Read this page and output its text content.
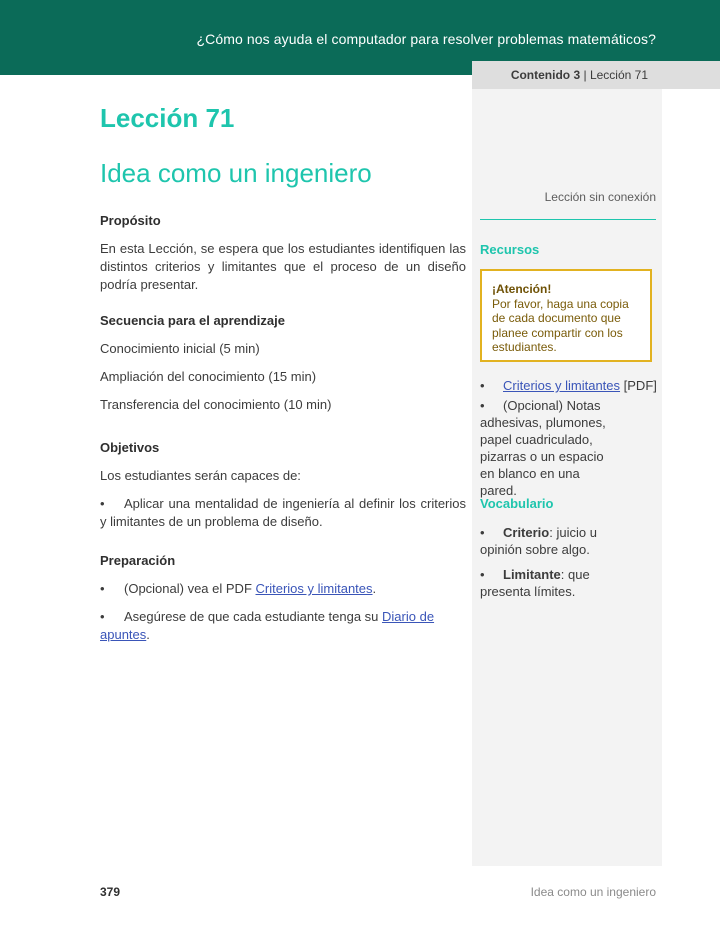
¿Cómo nos ayuda el computador para resolver problemas matemáticos?
Contenido 3 | Lección 71
Lección 71
Idea como un ingeniero

Propósito

En esta Lección, se espera que los estudiantes identifiquen las distintos criterios y limitantes que el proceso de un diseño podría presentar.

Secuencia para el aprendizaje

Conocimiento inicial (5 min)

Ampliación del conocimiento (15 min)

Transferencia del conocimiento (10 min)

Objetivos

Los estudiantes serán capaces de:

• Aplicar una mentalidad de ingeniería al definir los criterios y limitantes de un problema de diseño.

Preparación

• (Opcional) vea el PDF Criterios y limitantes.
• Asegúrese de que cada estudiante tenga su Diario de apuntes.
Lección sin conexión
Recursos
¡Atención!
Por favor, haga una copia de cada documento que planee compartir con los estudiantes.
• Criterios y limitantes [PDF]
• (Opcional) Notas adhesivas, plumones, papel cuadriculado, pizarras o un espacio en blanco en una pared.
Vocabulario
• Criterio: juicio u opinión sobre algo.
• Limitante: que presenta límites.
379	Idea como un ingeniero
